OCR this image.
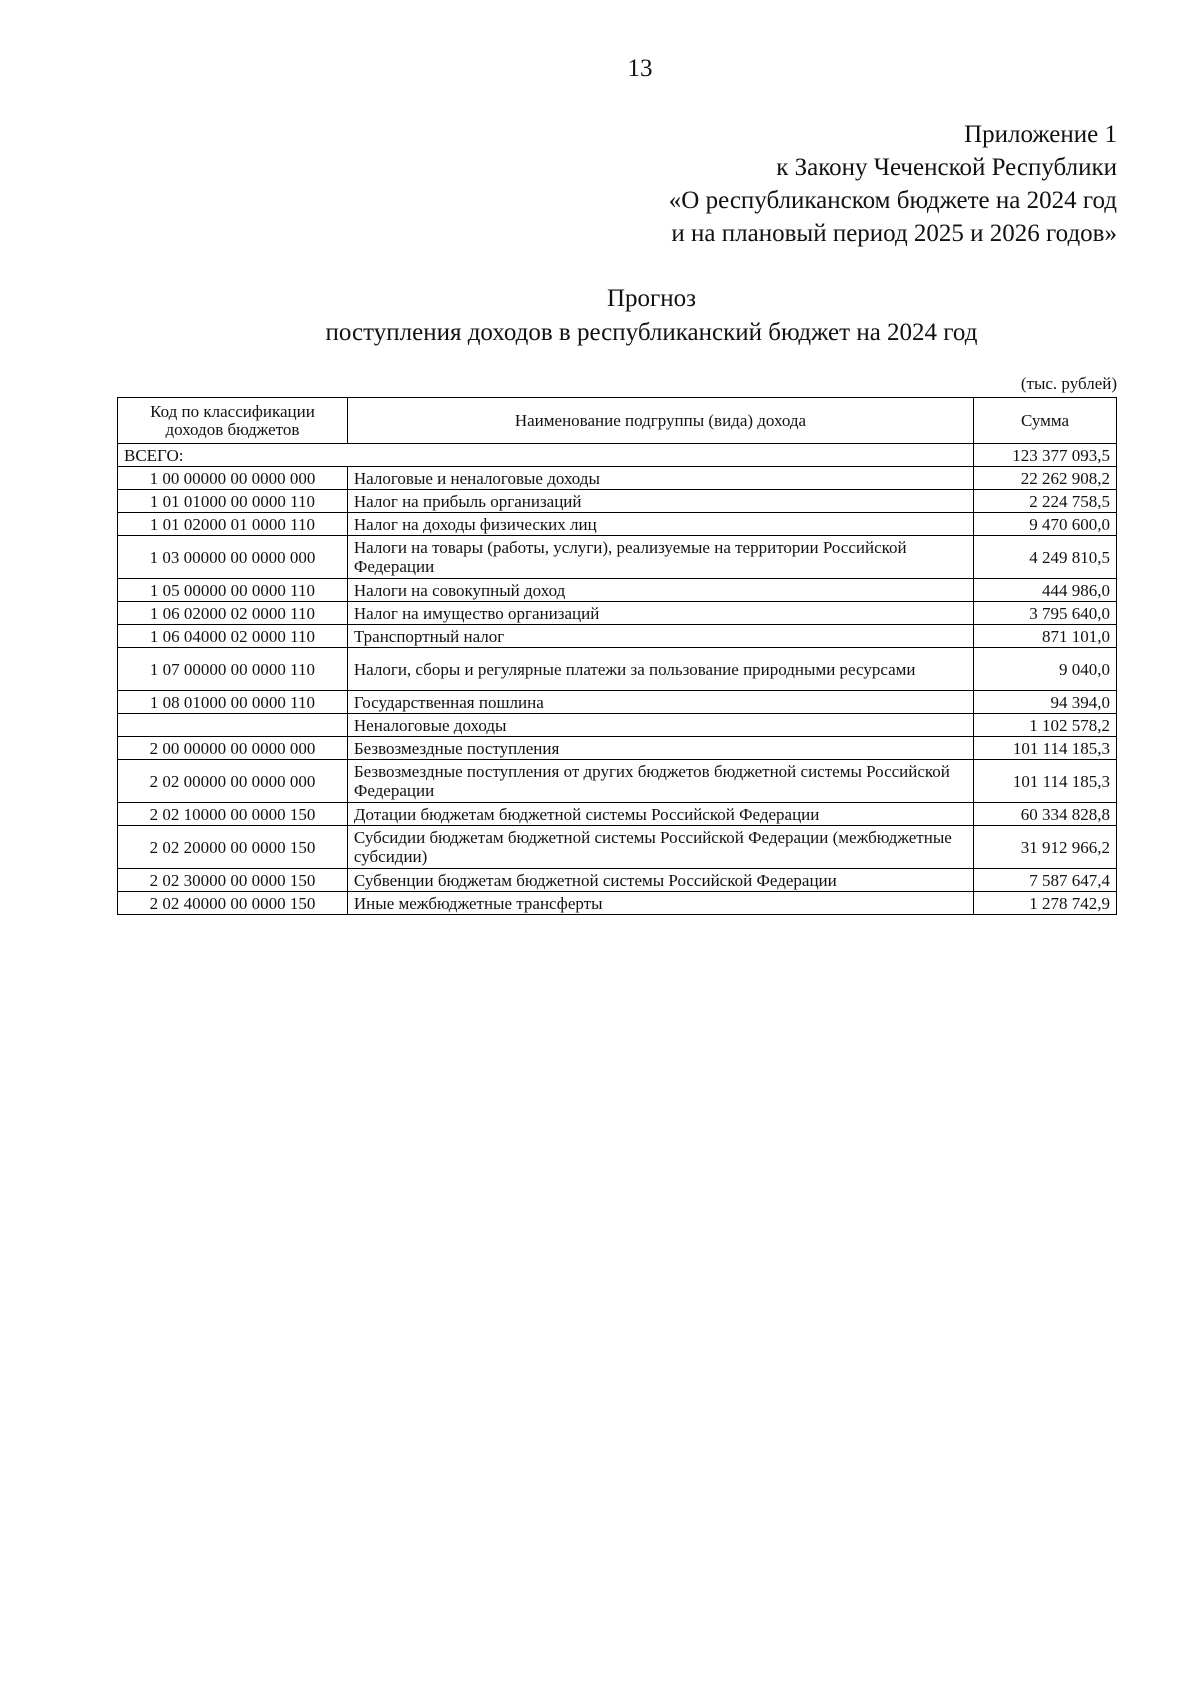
13
Приложение 1
к Закону Чеченской Республики
«О республиканском бюджете на 2024 год
и на плановый период 2025 и 2026 годов»
Прогноз
поступления доходов в республиканский бюджет на 2024 год
(тыс. рублей)
Код по классификации доходов бюджетов	Наименование подгруппы (вида) дохода	Сумма
ВСЕГО:		123 377 093,5
1 00 00000 00 0000 000	Налоговые и неналоговые доходы	22 262 908,2
1 01 01000 00 0000 110	Налог на прибыль организаций	2 224 758,5
1 01 02000 01 0000 110	Налог на доходы физических лиц	9 470 600,0
1 03 00000 00 0000 000	Налоги на товары (работы, услуги), реализуемые на территории Российской Федерации	4 249 810,5
1 05 00000 00 0000 110	Налоги на совокупный доход	444 986,0
1 06 02000 02 0000 110	Налог на имущество организаций	3 795 640,0
1 06 04000 02 0000 110	Транспортный налог	871 101,0
1 07 00000 00 0000 110	Налоги, сборы и регулярные платежи за пользование природными ресурсами	9 040,0
1 08 01000 00 0000 110	Государственная пошлина	94 394,0
	Неналоговые доходы	1 102 578,2
2 00 00000 00 0000 000	Безвозмездные поступления	101 114 185,3
2 02 00000 00 0000 000	Безвозмездные поступления от других бюджетов бюджетной системы Российской Федерации	101 114 185,3
2 02 10000 00 0000 150	Дотации бюджетам бюджетной системы Российской Федерации	60 334 828,8
2 02 20000 00 0000 150	Субсидии бюджетам бюджетной системы Российской Федерации (межбюджетные субсидии)	31 912 966,2
2 02 30000 00 0000 150	Субвенции бюджетам бюджетной системы Российской Федерации	7 587 647,4
2 02 40000 00 0000 150	Иные межбюджетные трансферты	1 278 742,9
